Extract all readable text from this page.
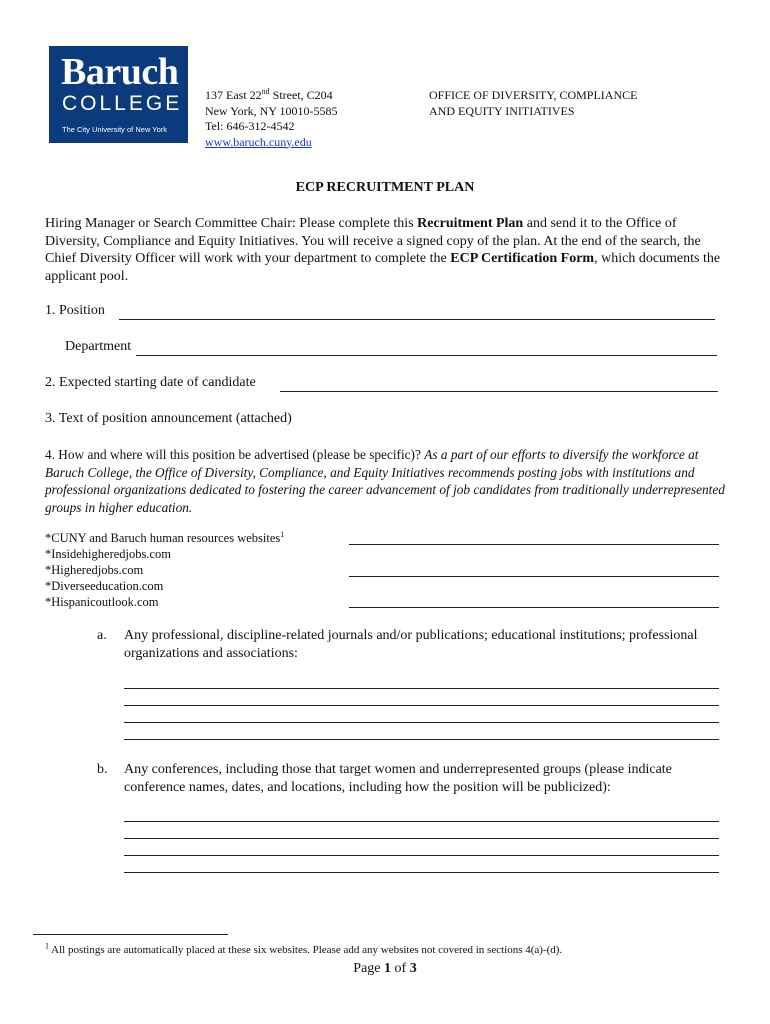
Baruch
COLLEGE
The City University of New York
137 East 22nd Street, C204
New York, NY 10010-5585
Tel: 646-312-4542
www.baruch.cuny.edu
OFFICE OF DIVERSITY, COMPLIANCE
AND EQUITY INITIATIVES
ECP RECRUITMENT PLAN
Hiring Manager or Search Committee Chair: Please complete this Recruitment Plan and send it to the Office of Diversity, Compliance and Equity Initiatives. You will receive a signed copy of the plan. At the end of the search, the Chief Diversity Officer will work with your department to complete the ECP Certification Form, which documents the applicant pool.
1. Position
Department
2. Expected starting date of candidate
3. Text of position announcement (attached)
4. How and where will this position be advertised (please be specific)? As a part of our efforts to diversify the workforce at Baruch College, the Office of Diversity, Compliance, and Equity Initiatives recommends posting jobs with institutions and professional organizations dedicated to fostering the career advancement of job candidates from traditionally underrepresented groups in higher education.
*CUNY and Baruch human resources websites$^1$
*Insidehigheredjobs.com
*Higheredjobs.com
*Diverseeducation.com
*Hispanicoutlook.com
a. Any professional, discipline-related journals and/or publications; educational institutions; professional organizations and associations:
b. Any conferences, including those that target women and underrepresented groups (please indicate conference names, dates, and locations, including how the position will be publicized):
$^1$ All postings are automatically placed at these six websites. Please add any websites not covered in sections 4(a)-(d).
Page 1 of 3
